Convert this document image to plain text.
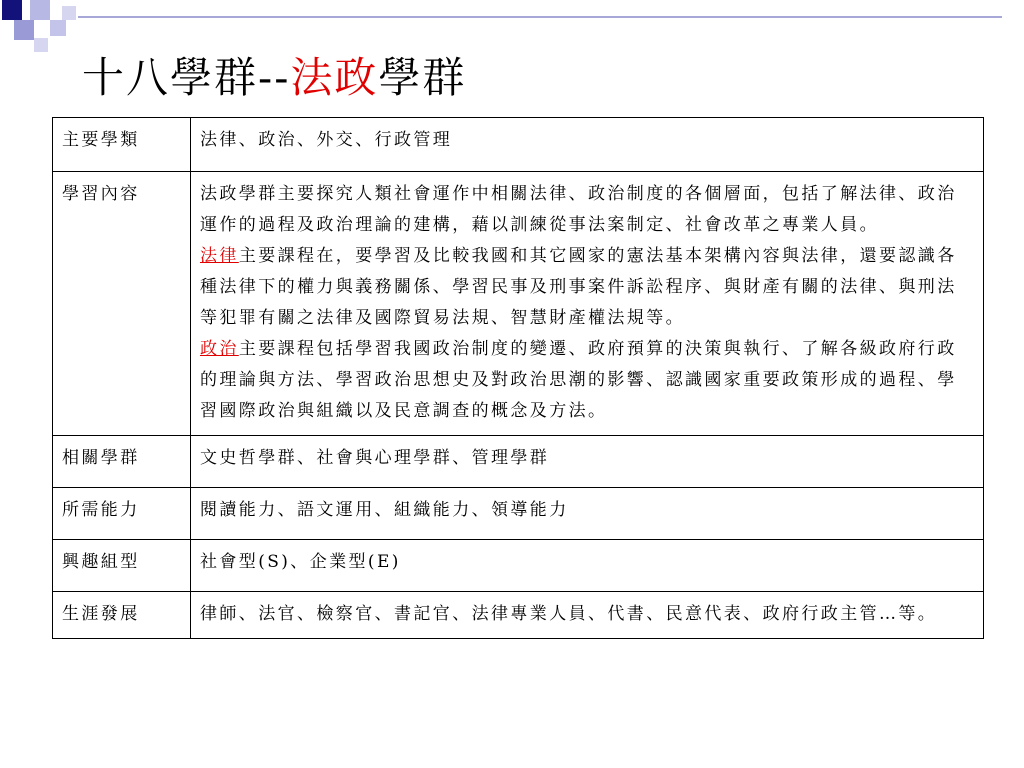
十八學群--法政學群
主要學類	法律、政治、外交、行政管理
學習內容	法政學群主要探究人類社會運作中相關法律、政治制度的各個層面，包括了解法律、政治運作的過程及政治理論的建構，藉以訓練從事法案制定、社會改革之專業人員。
法律主要課程在，要學習及比較我國和其它國家的憲法基本架構內容與法律，還要認識各種法律下的權力與義務關係、學習民事及刑事案件訴訟程序、與財產有關的法律、與刑法等犯罪有關之法律及國際貿易法規、智慧財產權法規等。
政治主要課程包括學習我國政治制度的變遷、政府預算的決策與執行、了解各級政府行政的理論與方法、學習政治思想史及對政治思潮的影響、認識國家重要政策形成的過程、學習國際政治與組織以及民意調查的概念及方法。
相關學群	文史哲學群、社會與心理學群、管理學群
所需能力	閱讀能力、語文運用、組織能力、領導能力
興趣組型	社會型(S)、企業型(E)
生涯發展	律師、法官、檢察官、書記官、法律專業人員、代書、民意代表、政府行政主管…等。
